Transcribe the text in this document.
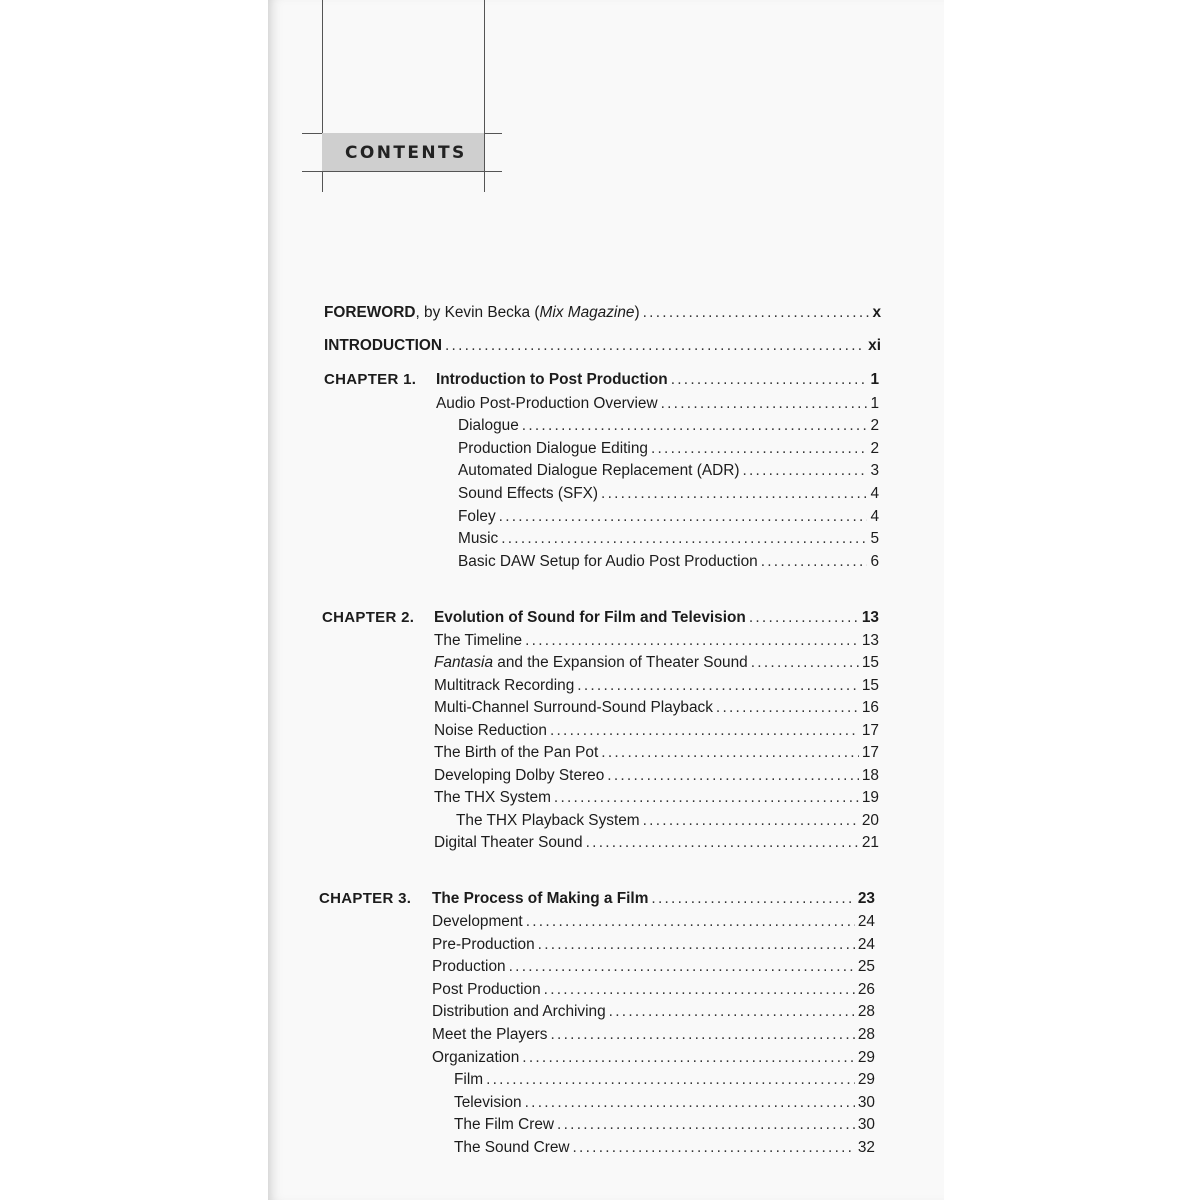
CONTENTS
FOREWORD, by Kevin Becka (Mix Magazine) . . .	x
INTRODUCTION . . .	xi
CHAPTER 1. Introduction to Post Production . . .	1
Audio Post-Production Overview . . .	1
Dialogue . . .	2
Production Dialogue Editing . . .	2
Automated Dialogue Replacement (ADR) . . .	3
Sound Effects (SFX) . . .	4
Foley . . .	4
Music . . .	5
Basic DAW Setup for Audio Post Production . . .	6
CHAPTER 2. Evolution of Sound for Film and Television . . .	13
The Timeline . . .	13
Fantasia and the Expansion of Theater Sound . . .	15
Multitrack Recording . . .	15
Multi-Channel Surround-Sound Playback . . .	16
Noise Reduction . . .	17
The Birth of the Pan Pot . . .	17
Developing Dolby Stereo . . .	18
The THX System . . .	19
The THX Playback System . . .	20
Digital Theater Sound . . .	21
CHAPTER 3. The Process of Making a Film . . .	23
Development . . .	24
Pre-Production . . .	24
Production . . .	25
Post Production . . .	26
Distribution and Archiving . . .	28
Meet the Players . . .	28
Organization . . .	29
Film . . .	29
Television . . .	30
The Film Crew . . .	30
The Sound Crew . . .	32
